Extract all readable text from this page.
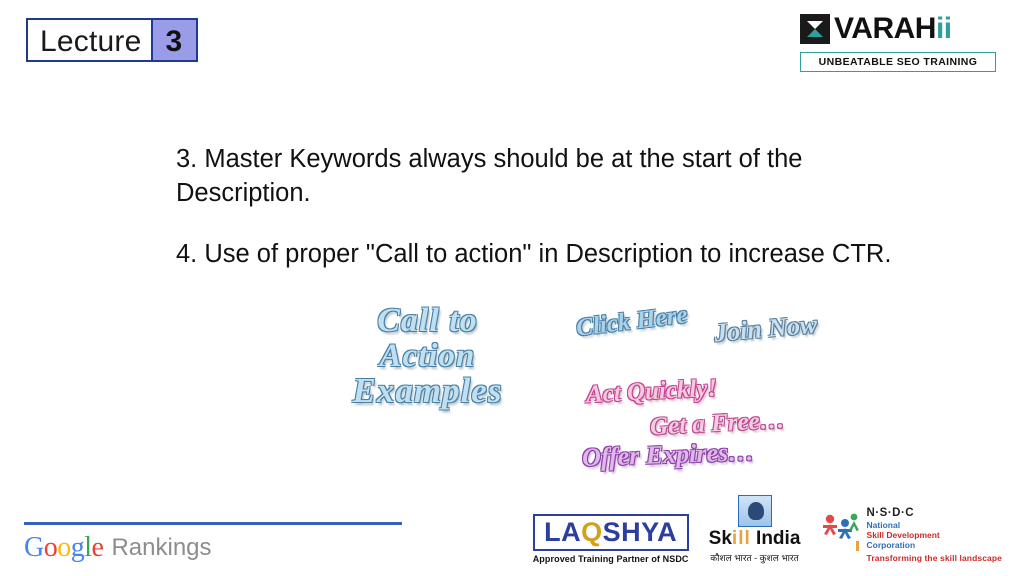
Lecture 3	VARAHii
UNBEATABLE SEO TRAINING

3. Master Keywords always should be at the start of the Description.

4. Use of proper "Call to action" in Description to increase CTR.

Call to
Action
Examples
Click Here Join Now
Act Quickly!
Get a Free…
Offer Expires…
Google Rankings
LAQSHYA
Approved Training Partner of NSDC
Skill India
कौशल भारत - कुशल भारत
N·S·D·C
National
Skill Development
Corporation
Transforming the skill landscape
